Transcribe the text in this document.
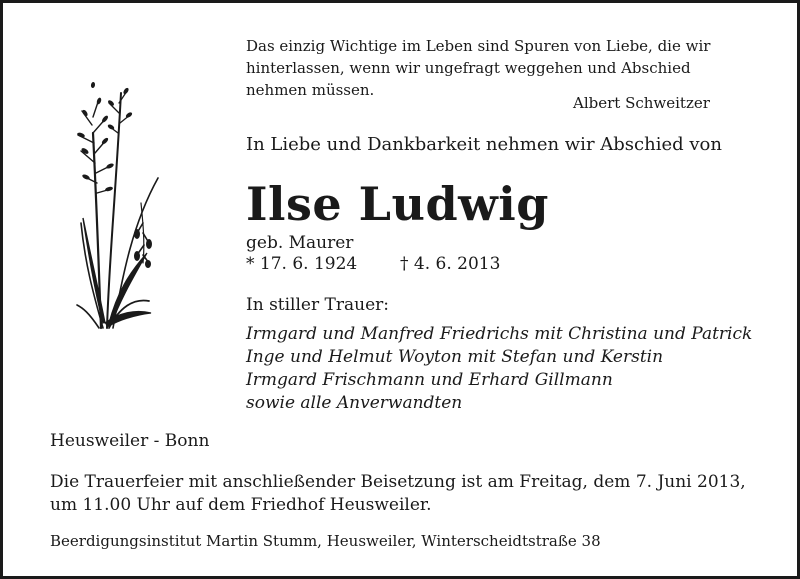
Das einzig Wichtige im Leben sind Spuren von Liebe, die wir
hinterlassen, wenn wir ungefragt weggehen und Abschied
nehmen müssen.
Albert Schweitzer
In Liebe und Dankbarkeit nehmen wir Abschied von
Ilse Ludwig
geb. Maurer
* 17. 6. 1924	† 4. 6. 2013
In stiller Trauer:
Irmgard und Manfred Friedrichs mit Christina und Patrick
Inge und Helmut Woyton mit Stefan und Kerstin
Irmgard Frischmann und Erhard Gillmann
sowie alle Anverwandten
Heusweiler - Bonn
Die Trauerfeier mit anschließender Beisetzung ist am Freitag, dem 7. Juni 2013,
um 11.00 Uhr auf dem Friedhof Heusweiler.
Beerdigungsinstitut Martin Stumm, Heusweiler, Winterscheidtstraße 38
